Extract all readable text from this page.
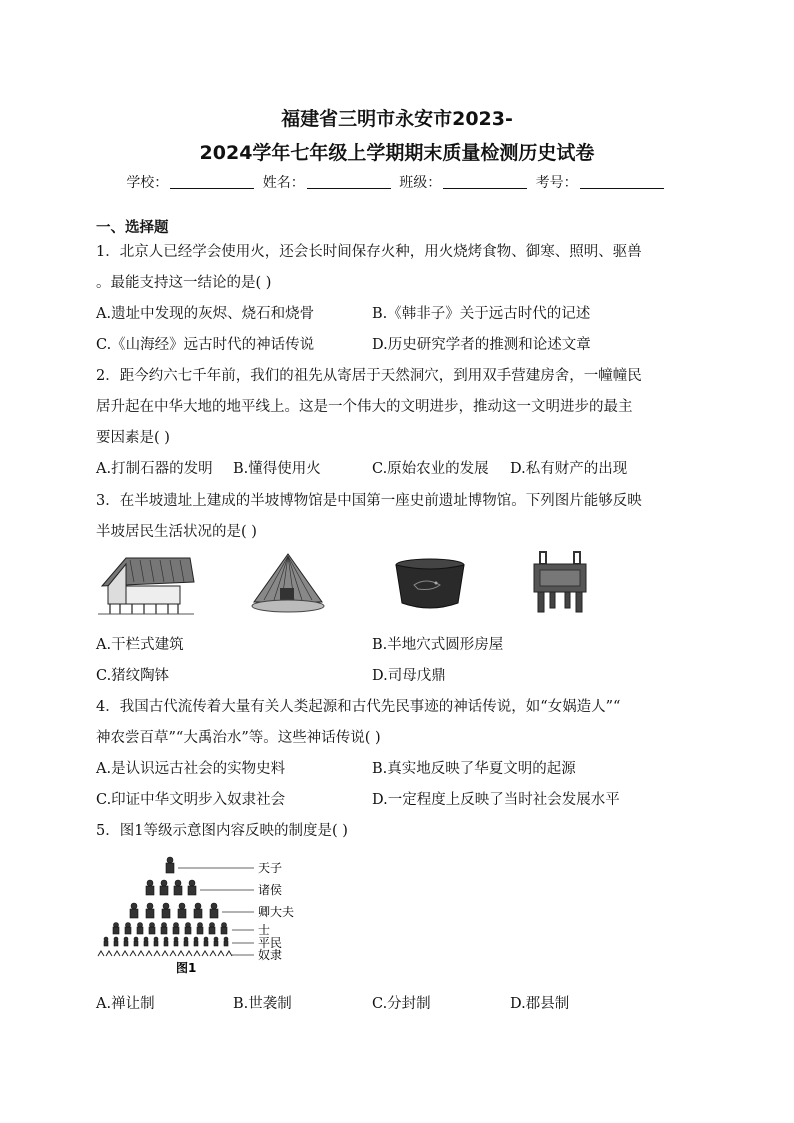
福建省三明市永安市2023-
2024学年七年级上学期期末质量检测历史试卷
学校：	姓名：	班级：	考号：
一、选择题
1．北京人已经学会使用火，还会长时间保存火种，用火烧烤食物、御寒、照明、驱兽
。最能支持这一结论的是( )
A.遗址中发现的灰烬、烧石和烧骨	B.《韩非子》关于远古时代的记述
C.《山海经》远古时代的神话传说	D.历史研究学者的推测和论述文章
2．距今约六七千年前，我们的祖先从寄居于天然洞穴，到用双手营建房舍，一幢幢民
居升起在中华大地的地平线上。这是一个伟大的文明进步，推动这一文明进步的最主
要因素是( )
A.打制石器的发明 B.懂得使用火	C.原始农业的发展 D.私有财产的出现
3．在半坡遗址上建成的半坡博物馆是中国第一座史前遗址博物馆。下列图片能够反映
半坡居民生活状况的是( )
A.干栏式建筑	B.半地穴式圆形房屋
C.猪纹陶钵	D.司母戊鼎
4．我国古代流传着大量有关人类起源和古代先民事迹的神话传说，如“女娲造人”“
神农尝百草”“大禹治水”等。这些神话传说( )
A.是认识远古社会的实物史料	B.真实地反映了华夏文明的起源
C.印证中华文明步入奴隶社会	D.一定程度上反映了当时社会发展水平
5．图1等级示意图内容反映的制度是( )
天子
诸侯
卿大夫
士
平民
奴隶
图1
A.禅让制	B.世袭制	C.分封制	D.郡县制
